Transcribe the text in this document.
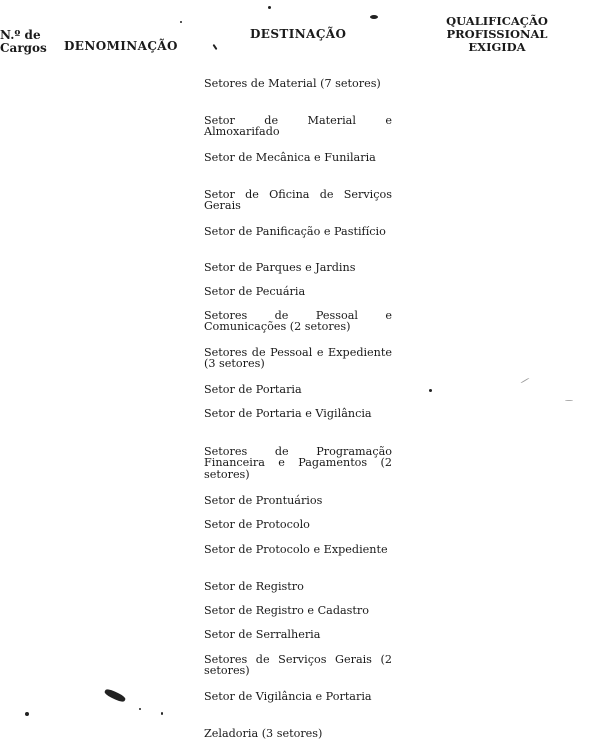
N.º de Cargos DENOMINAÇÃO
DESTINAÇÃO
QUALIFICAÇÃO PROFISSIONAL EXIGIDA
Setores de Material (7 setores)
Setor de Material e Almoxarifado
Setor de Mecânica e Funilaria
Setor de Oficina de Serviços Gerais
Setor de Panificação e Pastifício
Setor de Parques e Jardins
Setor de Pecuária
Setores de Pessoal e Comunicações (2 setores)
Setores de Pessoal e Expediente (3 setores)
Setor de Portaria
Setor de Portaria e Vigilância
Setores de Programação Financeira e Pagamentos (2 setores)
Setor de Prontuários
Setor de Protocolo
Setor de Protocolo e Expediente
Setor de Registro
Setor de Registro e Cadastro
Setor de Serralheria
Setores de Serviços Gerais (2 setores)
Setor de Vigilância e Portaria
Zeladoria (3 setores)
